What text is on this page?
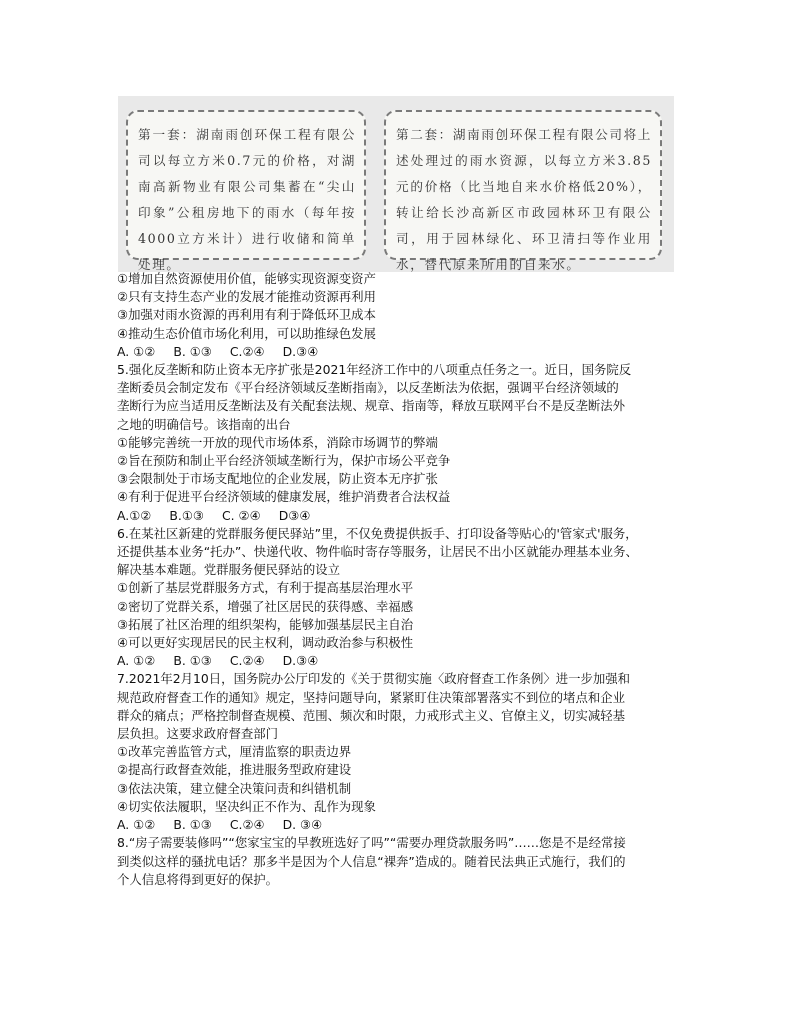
第一套：湖南雨创环保工程有限公司以每立方米0.7元的价格，对湖南高新物业有限公司集蓄在“尖山印象”公租房地下的雨水（每年按4000立方米计）进行收储和简单处理。
第二套：湖南雨创环保工程有限公司将上述处理过的雨水资源，以每立方米3.85元的价格（比当地自来水价格低20%），转让给长沙高新区市政园林环卫有限公司，用于园林绿化、环卫清扫等作业用水，替代原来所用的自来水。

①增加自然资源使用价值，能够实现资源变资产

②只有支持生态产业的发展才能推动资源再利用

③加强对雨水资源的再利用有利于降低环卫成本

④推动生态价值市场化利用，可以助推绿色发展

A. ①② B. ①③ C.②④ D.③④

5.强化反垄断和防止资本无序扩张是2021年经济工作中的八项重点任务之一。近日，国务院反

垄断委员会制定发布《平台经济领域反垄断指南》，以反垄断法为依据，强调平台经济领域的

垄断行为应当适用反垄断法及有关配套法规、规章、指南等，释放互联网平台不是反垄断法外

之地的明确信号。该指南的出台

①能够完善统一开放的现代市场体系，消除市场调节的弊端

②旨在预防和制止平台经济领域垄断行为，保护市场公平竞争

③会限制处于市场支配地位的企业发展，防止资本无序扩张

④有利于促进平台经济领域的健康发展，维护消费者合法权益

A.①② B.①③ C. ②④ D③④

6.在某社区新建的党群服务便民驿站”里，不仅免费提供扳手、打印设备等贴心的'管家式'服务，

还提供基本业务“托办”、快递代收、物件临时寄存等服务，让居民不出小区就能办理基本业务、

解决基本难题。党群服务便民驿站的设立

①创新了基层党群服务方式，有利于提高基层治理水平

②密切了党群关系，增强了社区居民的获得感、幸福感

③拓展了社区治理的组织架构，能够加强基层民主自治

④可以更好实现居民的民主权利，调动政治参与积极性

A. ①② B. ①③ C.②④ D.③④

7.2021年2月10日，国务院办公厅印发的《关于贯彻实施〈政府督查工作条例〉进一步加强和

规范政府督查工作的通知》规定，坚持问题导向，紧紧盯住决策部署落实不到位的堵点和企业

群众的痛点；严格控制督查规模、范围、频次和时限，力戒形式主义、官僚主义，切实减轻基

层负担。这要求政府督查部门

①改革完善监管方式，厘清监察的职责边界

②提高行政督查效能，推进服务型政府建设

③依法决策，建立健全决策问责和纠错机制

④切实依法履职，坚决纠正不作为、乱作为现象

A. ①② B. ①③ C.②④ D. ③④

8.“房子需要装修吗”“您家宝宝的早教班选好了吗”“需要办理贷款服务吗”……您是不是经常接

到类似这样的骚扰电话？那多半是因为个人信息“裸奔”造成的。随着民法典正式施行，我们的

个人信息将得到更好的保护。
